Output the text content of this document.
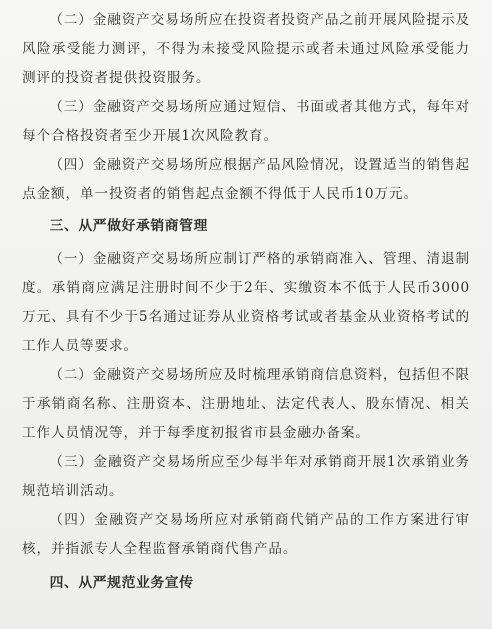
（二）金融资产交易场所应在投资者投资产品之前开展风险提示及风险承受能力测评，不得为未接受风险提示或者未通过风险承受能力测评的投资者提供投资服务。

（三）金融资产交易场所应通过短信、书面或者其他方式，每年对每个合格投资者至少开展1次风险教育。

（四）金融资产交易场所应根据产品风险情况，设置适当的销售起点金额，单一投资者的销售起点金额不得低于人民币10万元。

三、从严做好承销商管理

（一）金融资产交易场所应制订严格的承销商准入、管理、清退制度。承销商应满足注册时间不少于2年、实缴资本不低于人民币3000万元、具有不少于5名通过证券从业资格考试或者基金从业资格考试的工作人员等要求。

（二）金融资产交易场所应及时梳理承销商信息资料，包括但不限于承销商名称、注册资本、注册地址、法定代表人、股东情况、相关工作人员情况等，并于每季度初报省市县金融办备案。

（三）金融资产交易场所应至少每半年对承销商开展1次承销业务规范培训活动。

（四）金融资产交易场所应对承销商代销产品的工作方案进行审核，并指派专人全程监督承销商代售产品。

四、从严规范业务宣传
